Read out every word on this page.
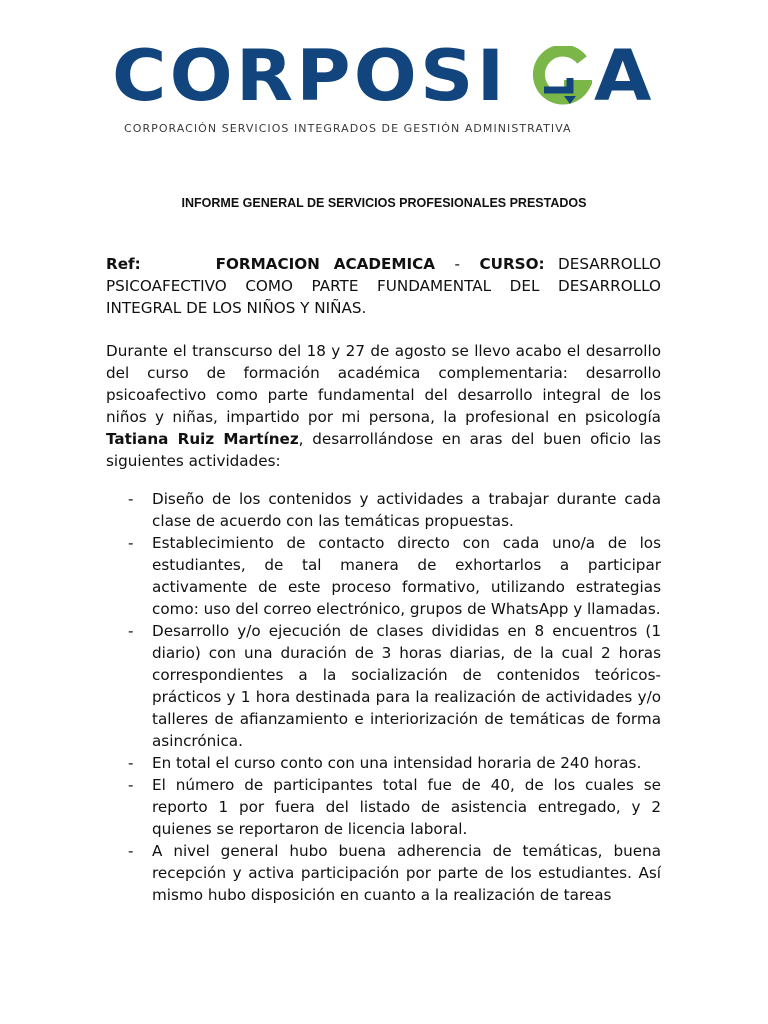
CORPOSI A
CORPORACIÓN SERVICIOS INTEGRADOS DE GESTIÓN ADMINISTRATIVA
INFORME GENERAL DE SERVICIOS PROFESIONALES PRESTADOS
Ref:	FORMACION ACADEMICA - CURSO: DESARROLLO PSICOAFECTIVO COMO PARTE FUNDAMENTAL DEL DESARROLLO INTEGRAL DE LOS NIÑOS Y NIÑAS.
Durante el transcurso del 18 y 27 de agosto se llevo acabo el desarrollo del curso de formación académica complementaria: desarrollo psicoafectivo como parte fundamental del desarrollo integral de los niños y niñas, impartido por mi persona, la profesional en psicología Tatiana Ruiz Martínez, desarrollándose en aras del buen oficio las siguientes actividades:
- Diseño de los contenidos y actividades a trabajar durante cada clase de acuerdo con las temáticas propuestas.
- Establecimiento de contacto directo con cada uno/a de los estudiantes, de tal manera de exhortarlos a participar activamente de este proceso formativo, utilizando estrategias como: uso del correo electrónico, grupos de WhatsApp y llamadas.
- Desarrollo y/o ejecución de clases divididas en 8 encuentros (1 diario) con una duración de 3 horas diarias, de la cual 2 horas correspondientes a la socialización de contenidos teóricos-prácticos y 1 hora destinada para la realización de actividades y/o talleres de afianzamiento e interiorización de temáticas de forma asincrónica.
- En total el curso conto con una intensidad horaria de 240 horas.
- El número de participantes total fue de 40, de los cuales se reporto 1 por fuera del listado de asistencia entregado, y 2 quienes se reportaron de licencia laboral.
- A nivel general hubo buena adherencia de temáticas, buena recepción y activa participación por parte de los estudiantes. Así mismo hubo disposición en cuanto a la realización de tareas
